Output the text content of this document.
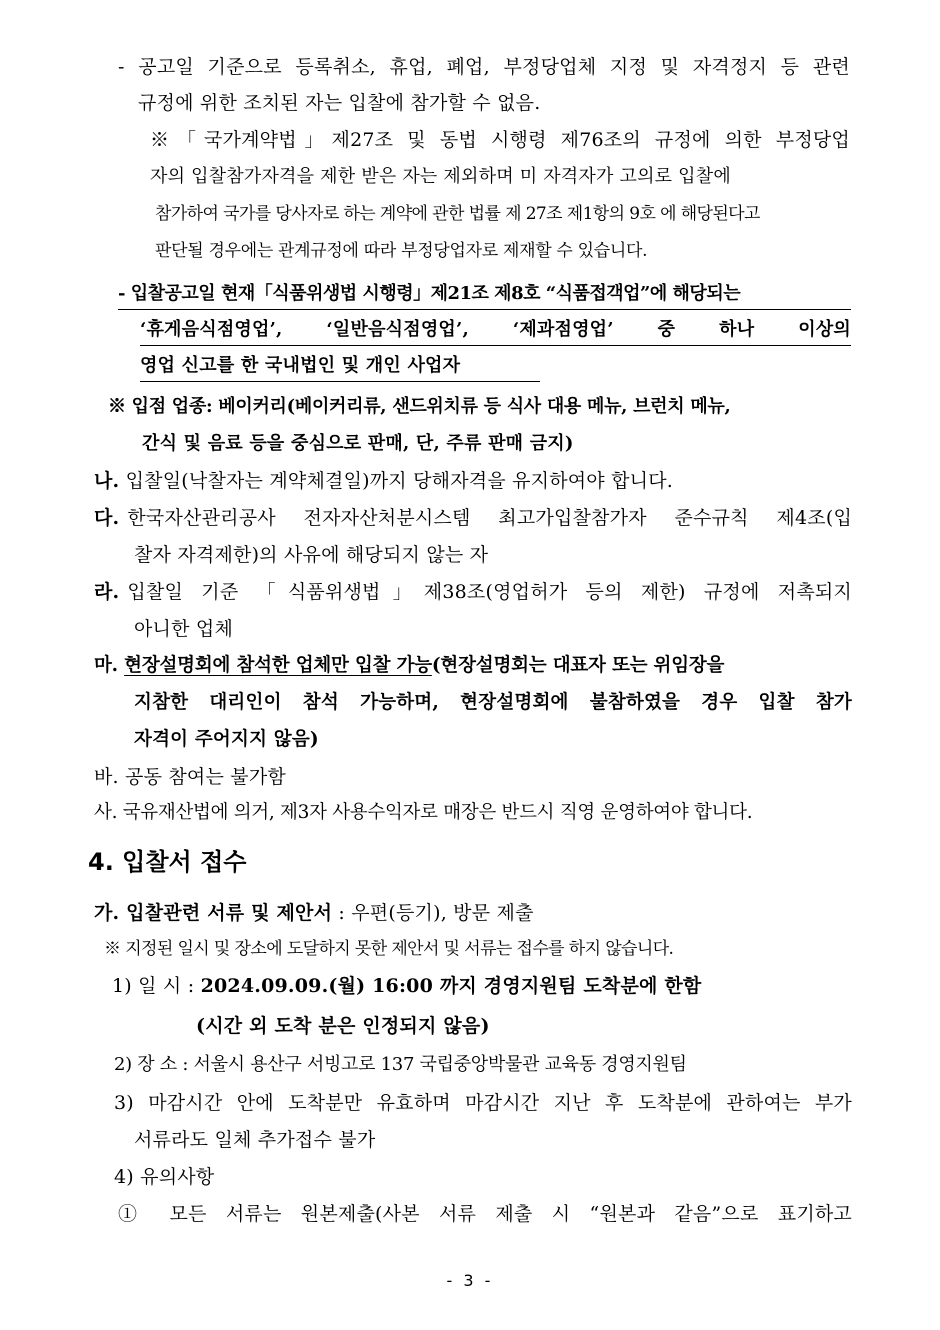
- 공고일 기준으로 등록취소, 휴업, 폐업, 부정당업체 지정 및 자격정지 등 관련
규정에 위한 조치된 자는 입찰에 참가할 수 없음.
※「국가계약법」제27조 및 동법 시행령 제76조의 규정에 의한 부정당업
자의 입찰참가자격을 제한 받은 자는 제외하며 미 자격자가 고의로 입찰에
참가하여 국가를 당사자로 하는 계약에 관한 법률 제 27조 제1항의 9호 에 해당된다고
판단될 경우에는 관계규정에 따라 부정당업자로 제재할 수 있습니다.
- 입찰공고일 현재「식품위생법 시행령」제21조 제8호 “식품접객업”에 해당되는
‘휴게음식점영업’, ‘일반음식점영업’, ‘제과점영업’ 중 하나 이상의
영업 신고를 한 국내법인 및 개인 사업자
※ 입점 업종: 베이커리(베이커리류, 샌드위치류 등 식사 대용 메뉴, 브런치 메뉴,
간식 및 음료 등을 중심으로 판매, 단, 주류 판매 금지)
나. 입찰일(낙찰자는 계약체결일)까지 당해자격을 유지하여야 합니다.
다. 한국자산관리공사 전자자산처분시스템 최고가입찰참가자 준수규칙 제4조(입
찰자 자격제한)의 사유에 해당되지 않는 자
라. 입찰일 기준 「식품위생법」제38조(영업허가 등의 제한) 규정에 저촉되지
아니한 업체
마. 현장설명회에 참석한 업체만 입찰 가능(현장설명회는 대표자 또는 위임장을
지참한 대리인이 참석 가능하며, 현장설명회에 불참하였을 경우 입찰 참가
자격이 주어지지 않음)
바. 공동 참여는 불가함
사. 국유재산법에 의거, 제3자 사용수익자로 매장은 반드시 직영 운영하여야 합니다.
4. 입찰서 접수
가. 입찰관련 서류 및 제안서 : 우편(등기), 방문 제출
※ 지정된 일시 및 장소에 도달하지 못한 제안서 및 서류는 접수를 하지 않습니다.
1) 일 시 : 2024.09.09.(월) 16:00 까지 경영지원팀 도착분에 한함
(시간 외 도착 분은 인정되지 않음)
2) 장 소 : 서울시 용산구 서빙고로 137 국립중앙박물관 교육동 경영지원팀
3) 마감시간 안에 도착분만 유효하며 마감시간 지난 후 도착분에 관하여는 부가
서류라도 일체 추가접수 불가
4) 유의사항
① 모든 서류는 원본제출(사본 서류 제출 시 “원본과 같음”으로 표기하고
- 3 -
